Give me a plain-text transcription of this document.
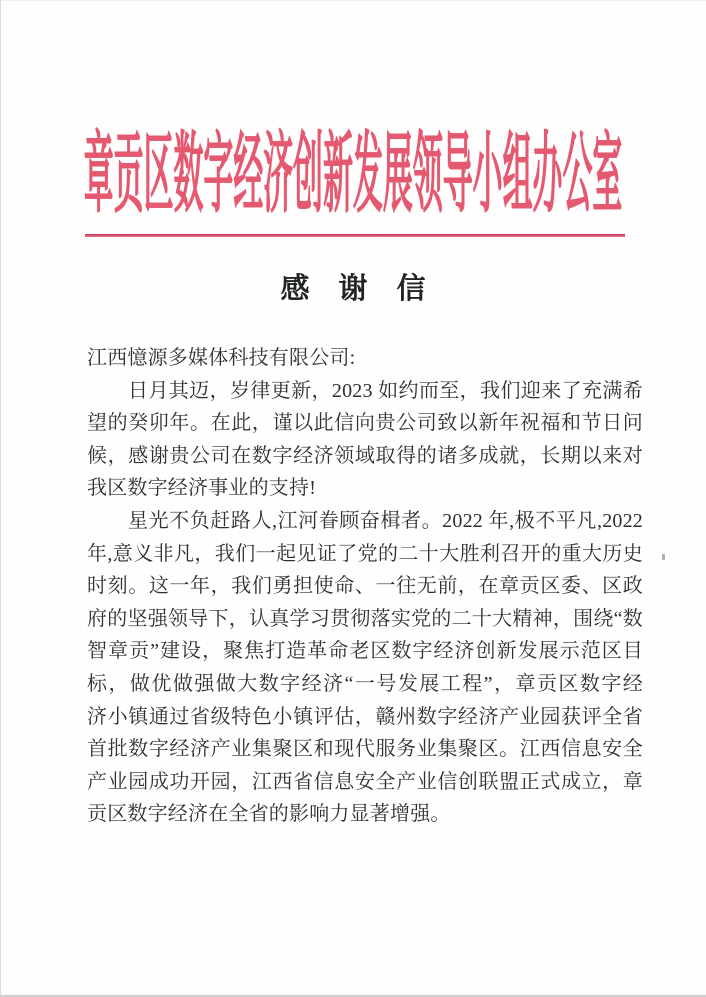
章贡区数字经济创新发展领导小组办公室
感　谢　信
江西憶源多媒体科技有限公司:
日月其迈，岁律更新，2023 如约而至，我们迎来了充满希
望的癸卯年。在此，谨以此信向贵公司致以新年祝福和节日问
候，感谢贵公司在数字经济领域取得的诸多成就，长期以来对
我区数字经济事业的支持!
星光不负赶路人,江河眷顾奋楫者。2022 年,极不平凡,2022
年,意义非凡，我们一起见证了党的二十大胜利召开的重大历史
时刻。这一年，我们勇担使命、一往无前，在章贡区委、区政
府的坚强领导下，认真学习贯彻落实党的二十大精神，围绕“数
智章贡”建设，聚焦打造革命老区数字经济创新发展示范区目
标，做优做强做大数字经济“一号发展工程”，章贡区数字经
济小镇通过省级特色小镇评估，赣州数字经济产业园获评全省
首批数字经济产业集聚区和现代服务业集聚区。江西信息安全
产业园成功开园，江西省信息安全产业信创联盟正式成立，章
贡区数字经济在全省的影响力显著增强。
